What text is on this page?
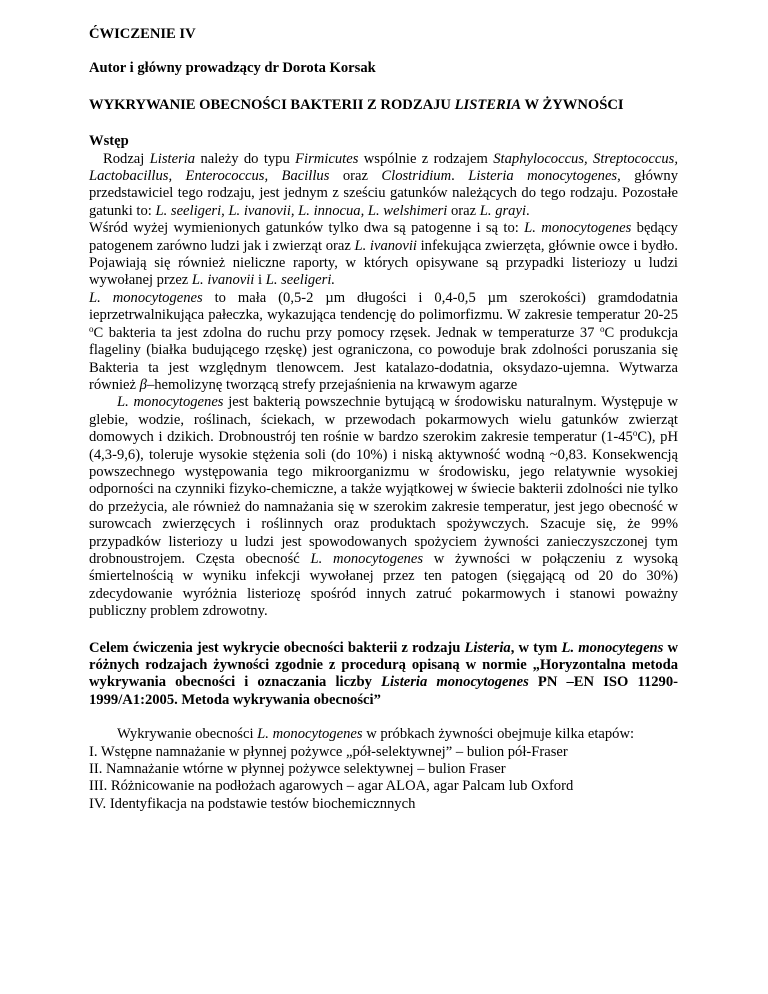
ĆWICZENIE IV

Autor i główny prowadzący dr Dorota Korsak

WYKRYWANIE OBECNOŚCI BAKTERII Z RODZAJU LISTERIA W ŻYWNOŚCI

Wstęp

Rodzaj Listeria należy do typu Firmicutes wspólnie z rodzajem Staphylococcus, Streptococcus, Lactobacillus, Enterococcus, Bacillus oraz Clostridium. Listeria monocytogenes, główny przedstawiciel tego rodzaju, jest jednym z sześciu gatunków należących do tego rodzaju. Pozostałe gatunki to: L. seeligeri, L. ivanovii, L. innocua, L. welshimeri oraz L. grayi.

Wśród wyżej wymienionych gatunków tylko dwa są patogenne i są to: L. monocytogenes będący patogenem zarówno ludzi jak i zwierząt oraz L. ivanovii infekująca zwierzęta, głównie owce i bydło. Pojawiają się również nieliczne raporty, w których opisywane są przypadki listeriozy u ludzi wywołanej przez L. ivanovii i L. seeligeri.

L. monocytogenes to mała (0,5-2 µm długości i 0,4-0,5 µm szerokości) gramdodatnia ieprzetrwalnikująca pałeczka, wykazująca tendencję do polimorfizmu. W zakresie temperatur 20-25 $^o$C bakteria ta jest zdolna do ruchu przy pomocy rzęsek. Jednak w temperaturze 37 $^o$C produkcja flageliny (białka budującego rzęskę) jest ograniczona, co powoduje brak zdolności poruszania się Bakteria ta jest względnym tlenowcem. Jest katalazo-dodatnia, oksydazo-ujemna. Wytwarza również β–hemolizynę tworzącą strefy przejaśnienia na krwawym agarze

L. monocytogenes jest bakterią powszechnie bytującą w środowisku naturalnym. Występuje w glebie, wodzie, roślinach, ściekach, w przewodach pokarmowych wielu gatunków zwierząt domowych i dzikich. Drobnoustrój ten rośnie w bardzo szerokim zakresie temperatur (1-45$^o$C), pH (4,3-9,6), toleruje wysokie stężenia soli (do 10%) i niską aktywność wodną ~0,83. Konsekwencją powszechnego występowania tego mikroorganizmu w środowisku, jego relatywnie wysokiej odporności na czynniki fizyko-chemiczne, a także wyjątkowej w świecie bakterii zdolności nie tylko do przeżycia, ale również do namnażania się w szerokim zakresie temperatur, jest jego obecność w surowcach zwierzęcych i roślinnych oraz produktach spożywczych. Szacuje się, że 99% przypadków listeriozy u ludzi jest spowodowanych spożyciem żywności zanieczyszczonej tym drobnoustrojem. Częsta obecność L. monocytogenes w żywności w połączeniu z wysoką śmiertelnością w wyniku infekcji wywołanej przez ten patogen (sięgającą od 20 do 30%) zdecydowanie wyróżnia listeriozę spośród innych zatruć pokarmowych i stanowi poważny publiczny problem zdrowotny.

Celem ćwiczenia jest wykrycie obecności bakterii z rodzaju Listeria, w tym L. monocytegens w różnych rodzajach żywności zgodnie z procedurą opisaną w normie „Horyzontalna metoda wykrywania obecności i oznaczania liczby Listeria monocytogenes PN –EN ISO 11290-1999/A1:2005. Metoda wykrywania obecności”

Wykrywanie obecności L. monocytogenes w próbkach żywności obejmuje kilka etapów:

I. Wstępne namnażanie w płynnej pożywce „pół-selektywnej” – bulion pół-Fraser

II. Namnażanie wtórne w płynnej pożywce selektywnej – bulion Fraser

III. Różnicowanie na podłożach agarowych – agar ALOA, agar Palcam lub Oxford

IV. Identyfikacja na podstawie testów biochemicznnych
